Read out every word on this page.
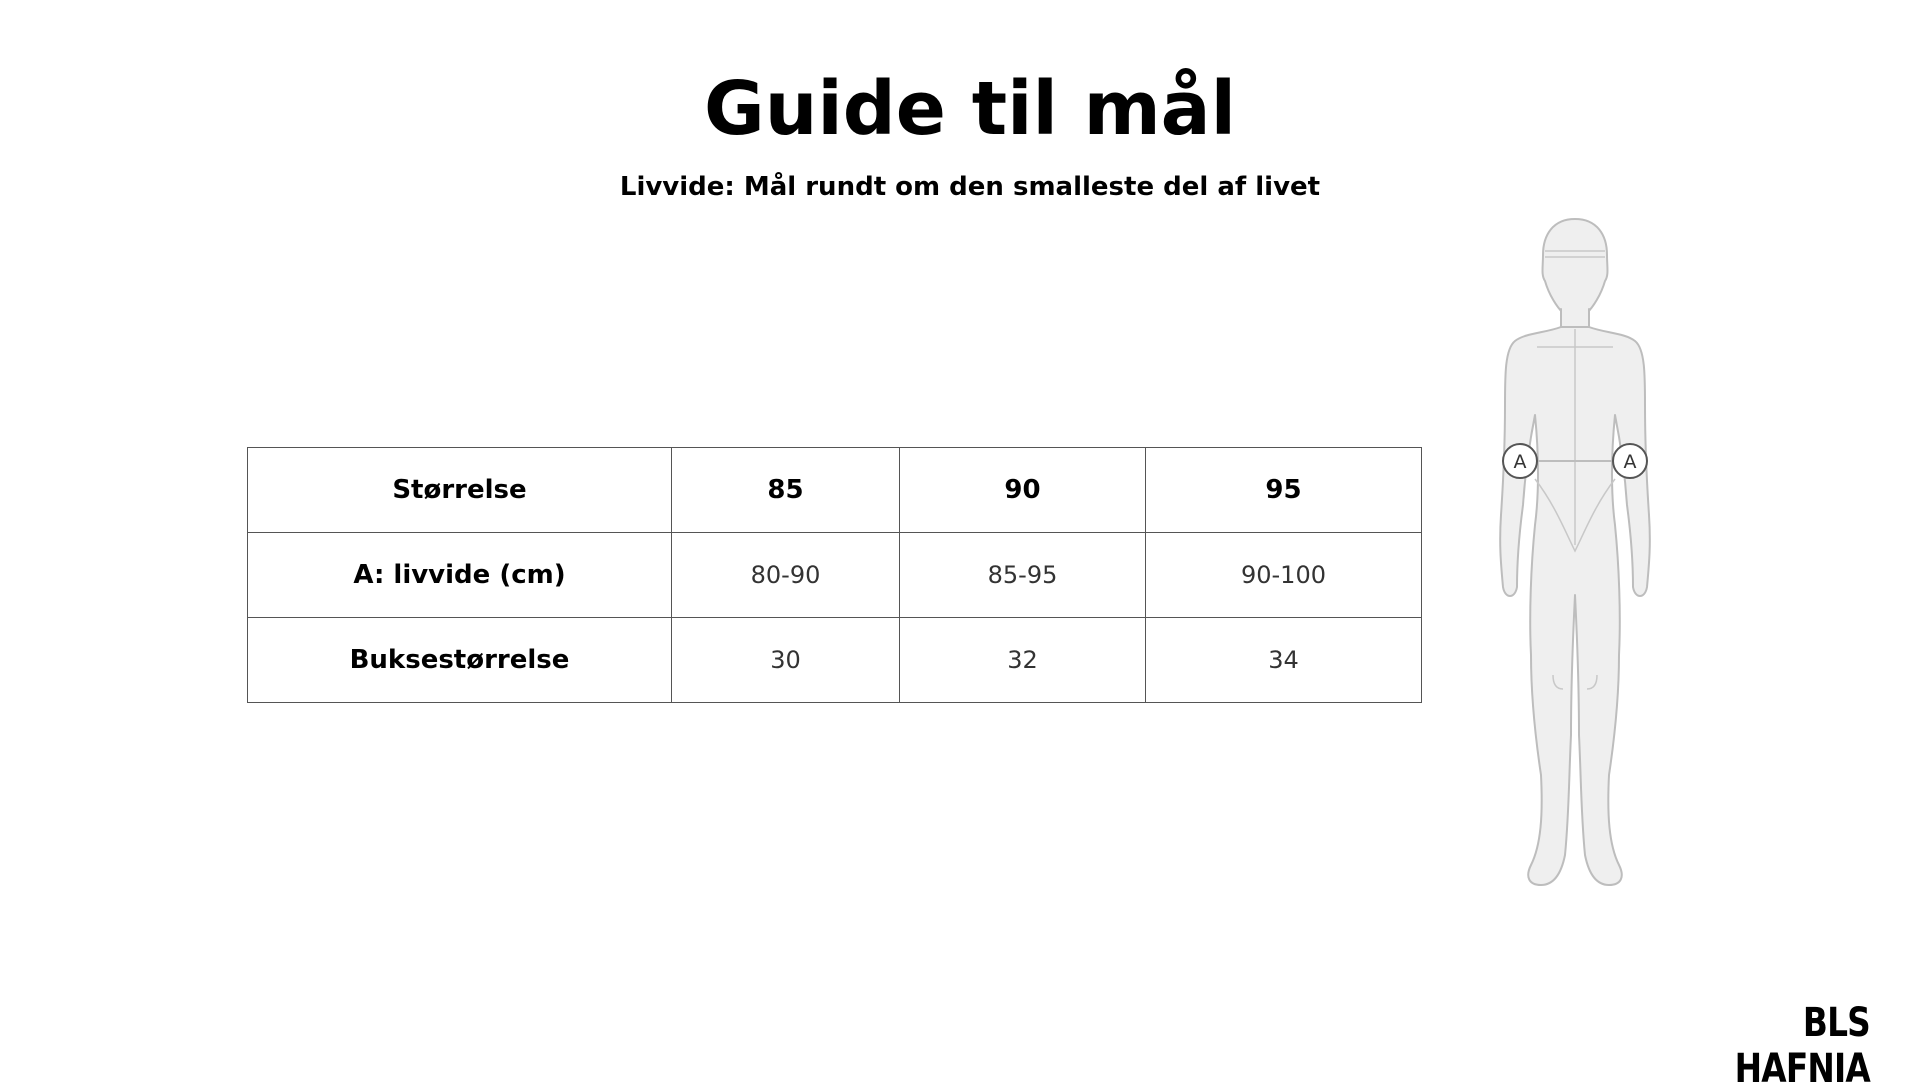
Guide til mål

Livvide: Mål rundt om den smalleste del af livet

Størrelse	85	90	95
A: livvide (cm)	80-90	85-95	90-100
Buksestørrelse	30	32	34
A	A
BLS HAFNIA
